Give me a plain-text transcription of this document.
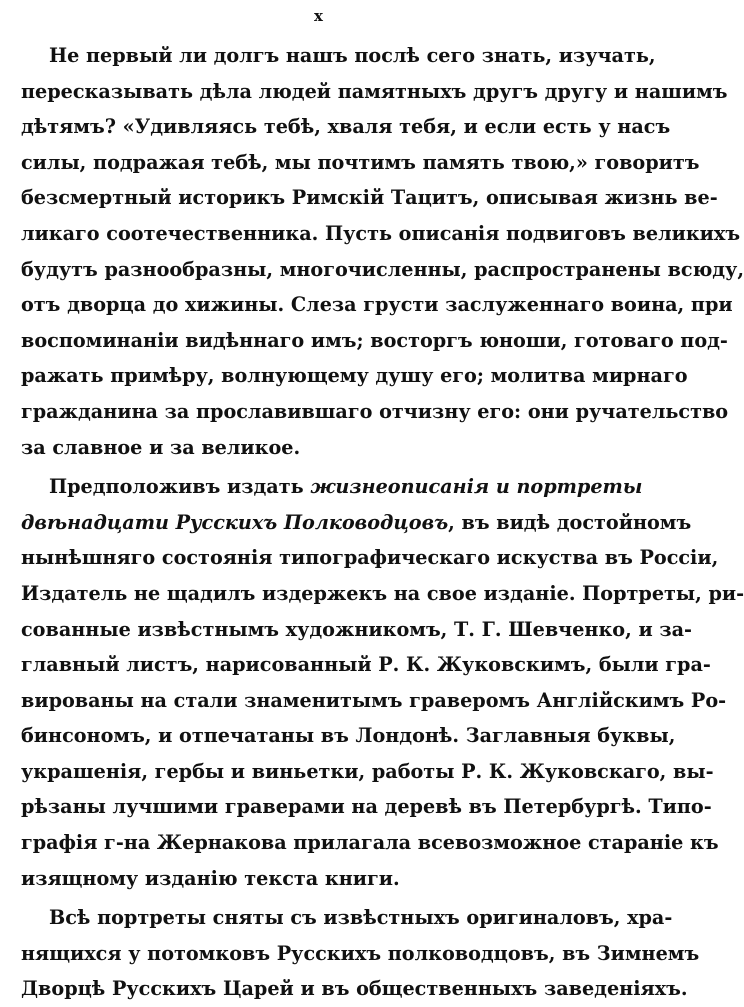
x

Не первый ли долгъ нашъ послѣ сего знать, изучать,
пересказывать дѣла людей памятныхъ другъ другу и нашимъ
дѣтямъ? «Удивляясь тебѣ, хваля тебя, и если есть у насъ
силы, подражая тебѣ, мы почтимъ память твою,» говоритъ
безсмертный историкъ Римскій Тацитъ, описывая жизнь ве-
ликаго соотечественника. Пусть описанія подвиговъ великихъ
будутъ разнообразны, многочисленны, распространены всюду,
отъ дворца до хижины. Слеза грусти заслуженнаго воина, при
воспоминаніи видѣннаго имъ; восторгъ юноши, готоваго под-
ражать примѣру, волнующему душу его; молитва мирнаго
гражданина за прославившаго отчизну его: они ручательство
за славное и за великое.

Предположивъ издать жизнеописанія и портреты
двѣнадцати Русскихъ Полководцовъ, въ видѣ достойномъ
нынѣшняго состоянія типографическаго искуства въ Россіи,
Издатель не щадилъ издержекъ на свое изданіе. Портреты, ри-
сованные извѣстнымъ художникомъ, Т. Г. Шевченко, и за-
главный листъ, нарисованный Р. К. Жуковскимъ, были гра-
вированы на стали знаменитымъ граверомъ Англійскимъ Ро-
бинсономъ, и отпечатаны въ Лондонѣ. Заглавныя буквы,
украшенія, гербы и виньетки, работы Р. К. Жуковскаго, вы-
рѣзаны лучшими граверами на деревѣ въ Петербургѣ. Типо-
графія г-на Жернакова прилагала всевозможное стараніе къ
изящному изданію текста книги.

Всѣ портреты сняты съ извѣстныхъ оригиналовъ, хра-
нящихся у потомковъ Русскихъ полководцовъ, въ Зимнемъ
Дворцѣ Русскихъ Царей и въ общественныхъ заведеніяхъ.
